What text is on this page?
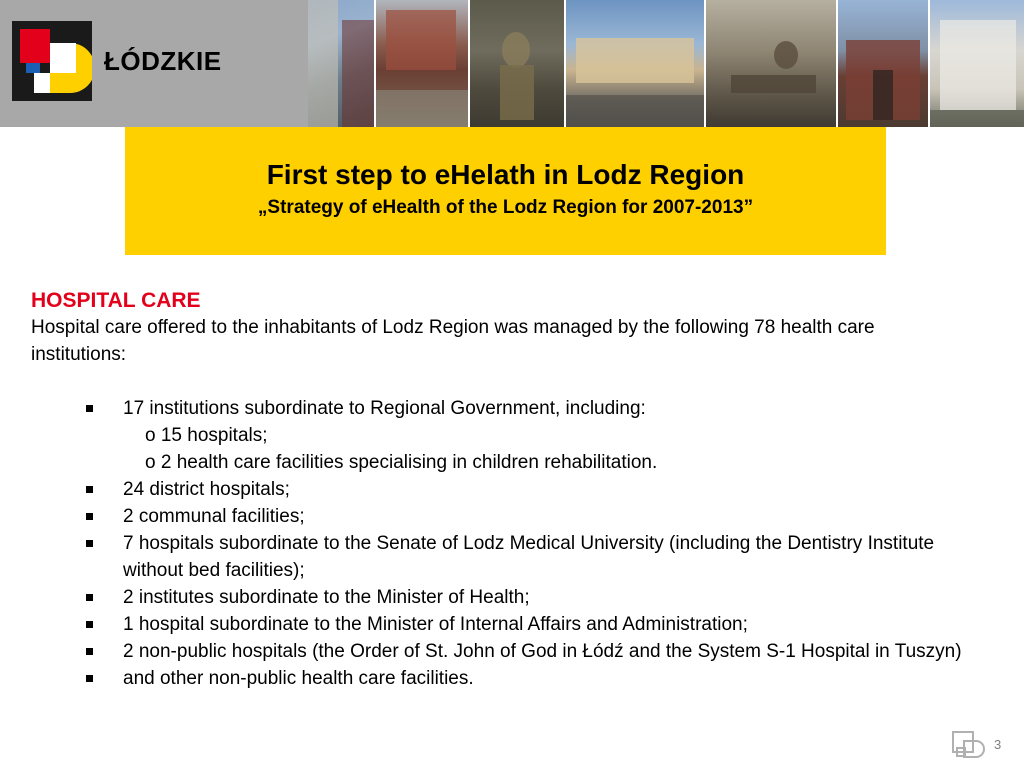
ŁÓDZKIE
First step to eHelath in Lodz Region
„Strategy of eHealth of the Lodz Region for 2007-2013”
HOSPITAL CARE
Hospital care offered to the inhabitants of Lodz Region was managed by the following 78 health care institutions:
17 institutions subordinate to Regional Government, including:
o 15 hospitals;
o 2 health care facilities specialising in children rehabilitation.
24 district hospitals;
2 communal facilities;
7 hospitals subordinate to the Senate of Lodz Medical University (including the Dentistry Institute without bed facilities);
2 institutes subordinate to the Minister of Health;
1 hospital subordinate to the Minister of Internal Affairs and Administration;
2 non-public hospitals (the Order of St. John of God in Łódź and the System S-1 Hospital in Tuszyn)
and other non-public health care facilities.
3
